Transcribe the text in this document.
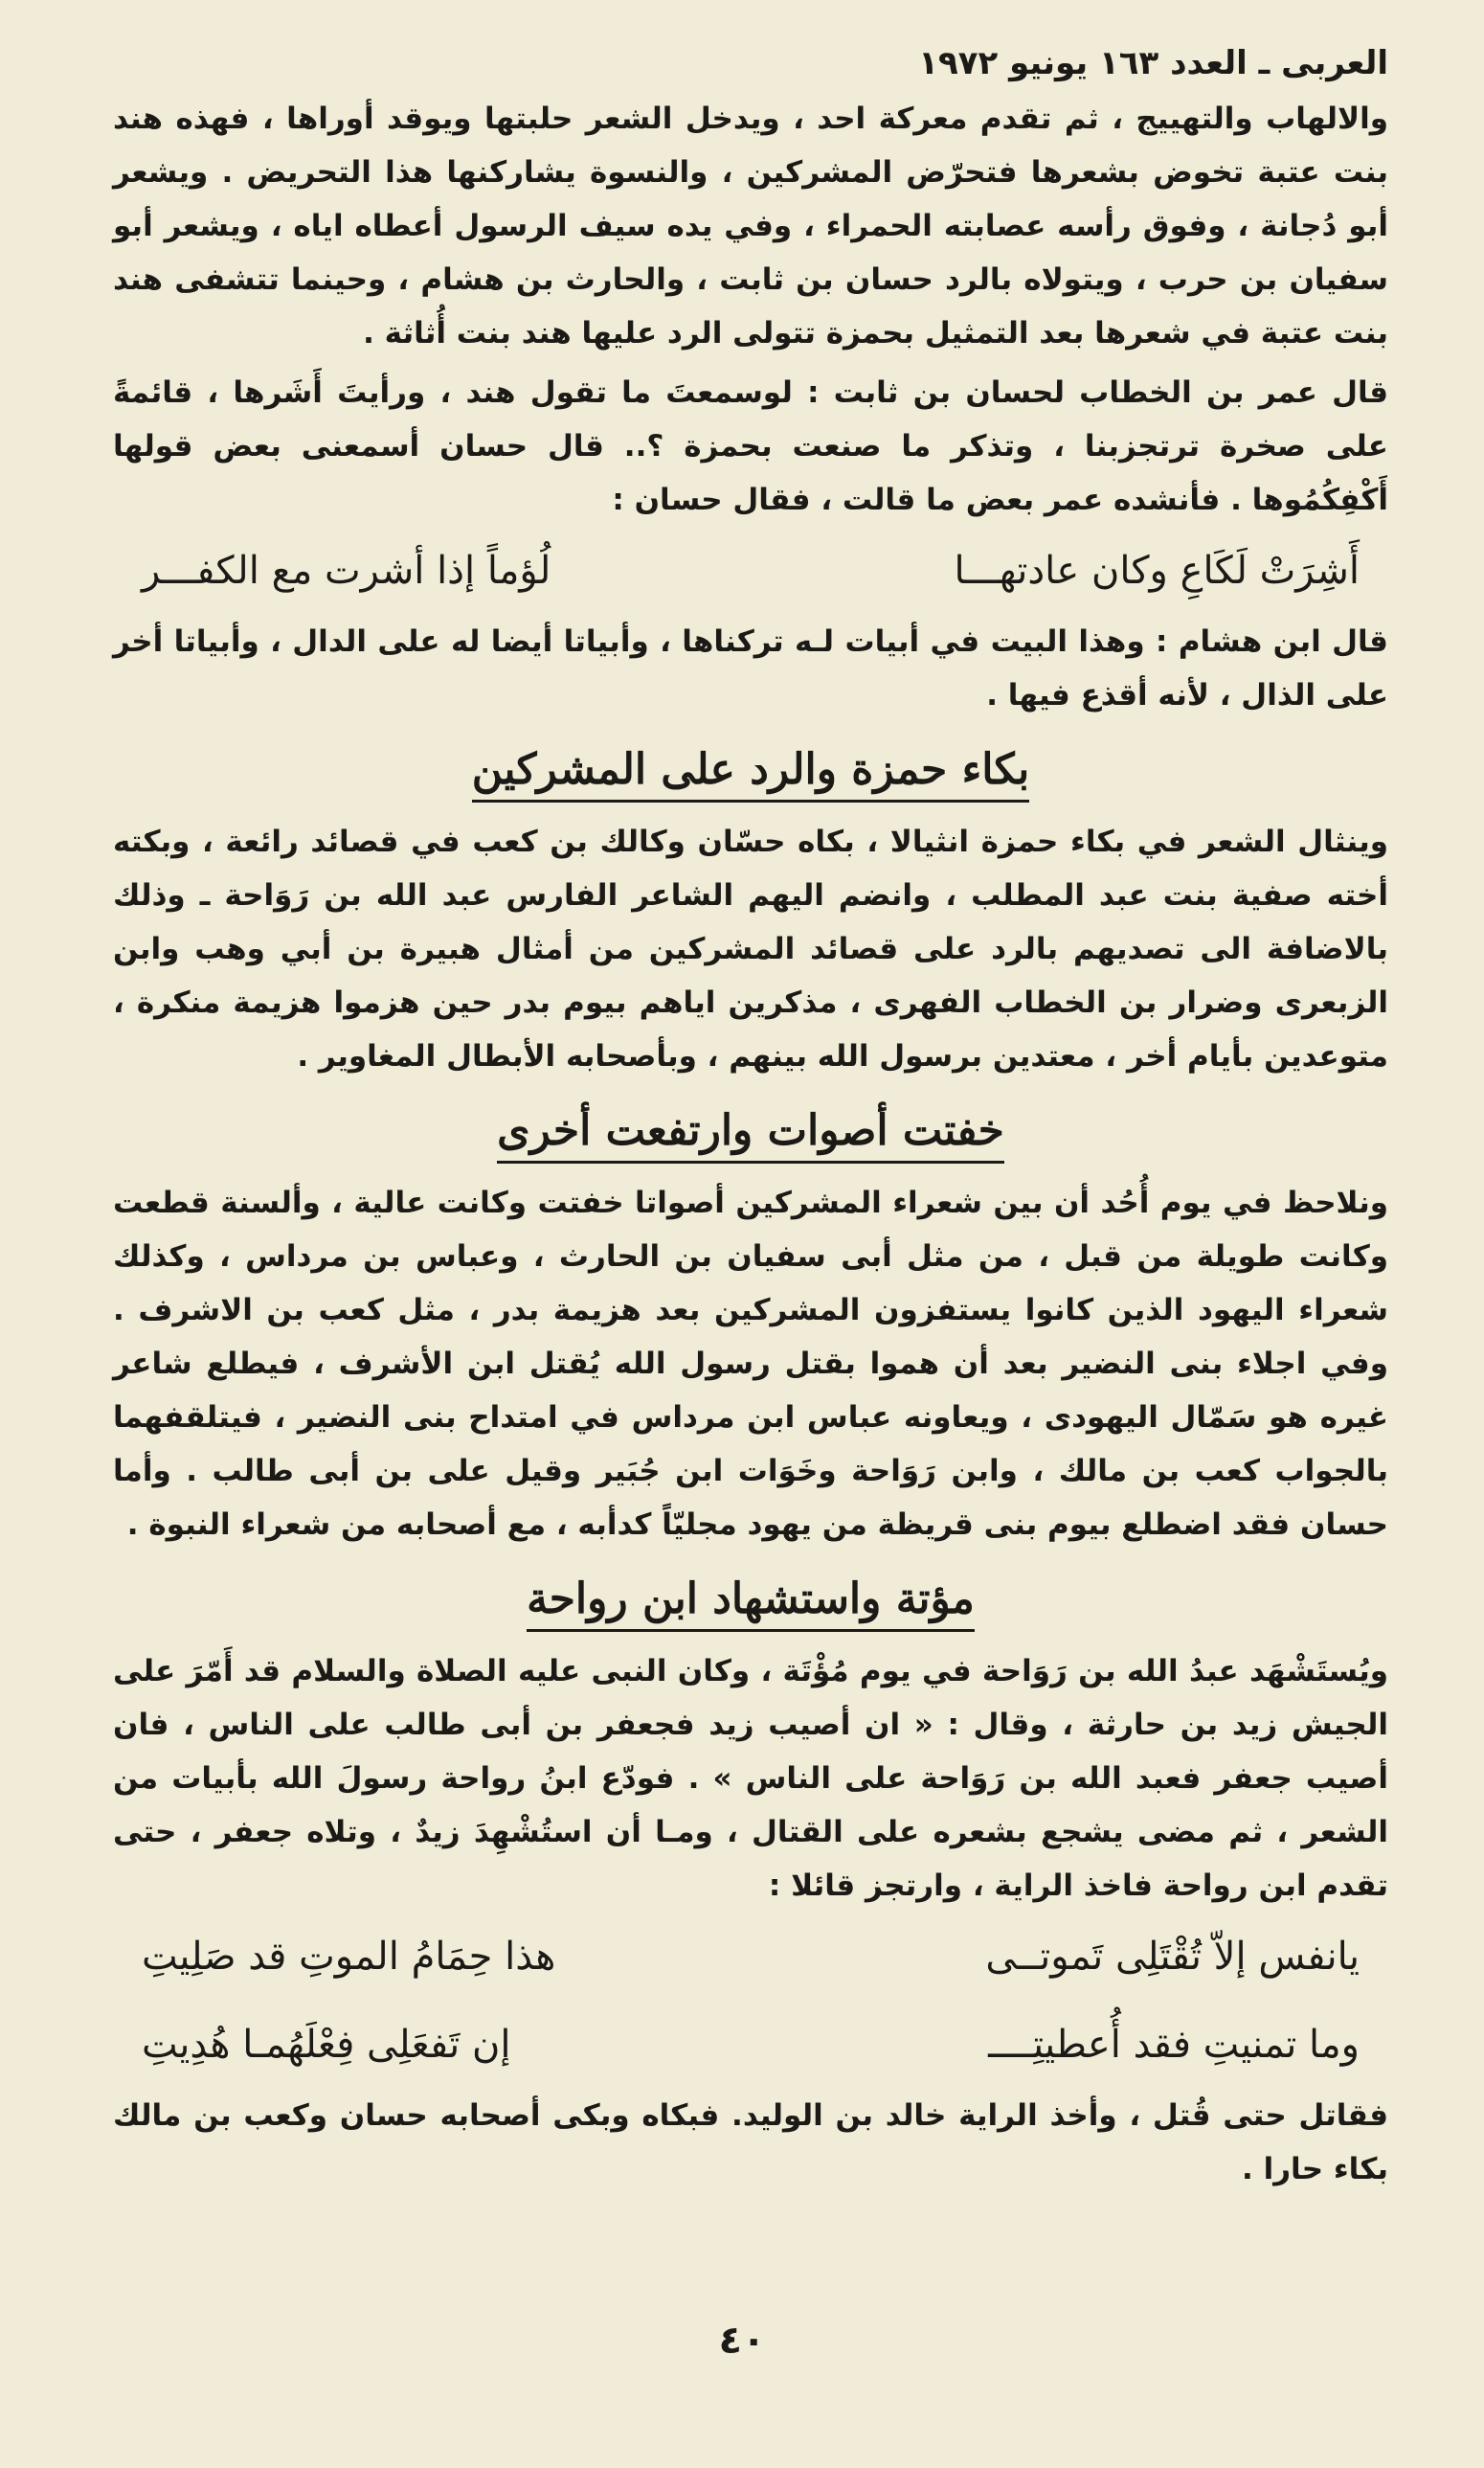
العربى ـ العدد ١٦٣ يونيو ١٩٧٢

والالهاب والتهييج ، ثم تقدم معركة احد ، ويدخل الشعر حلبتها ويوقد أوراها ، فهذه هند بنت عتبة تخوض بشعرها فتحرّض المشركين ، والنسوة يشاركنها هذا التحريض . ويشعر أبو دُجانة ، وفوق رأسه عصابته الحمراء ، وفي يده سيف الرسول أعطاه اياه ، ويشعر أبو سفيان بن حرب ، ويتولاه بالرد حسان بن ثابت ، والحارث بن هشام ، وحينما تتشفى هند بنت عتبة في شعرها بعد التمثيل بحمزة تتولى الرد عليها هند بنت أُثاثة .

قال عمر بن الخطاب لحسان بن ثابت : لوسمعتَ ما تقول هند ، ورأيتَ أَشَرها ، قائمةً على صخرة ترتجزبنا ، وتذكر ما صنعت بحمزة ؟.. قال حسان أسمعنى بعض قولها أَكْفِكُمُوها . فأنشده عمر بعض ما قالت ، فقال حسان :

أَشِرَتْ لَكَاعِ وكان عادتهـــا
لُؤماً إذا أشرت مع الكفـــر

قال ابن هشام : وهذا البيت في أبيات لـه تركناها ، وأبياتا أيضا له على الدال ، وأبياتا أخر على الذال ، لأنه أقذع فيها .

بكاء حمزة والرد على المشركين

وينثال الشعر في بكاء حمزة انثيالا ، بكاه حسّان وكالك بن كعب في قصائد رائعة ، وبكته أخته صفية بنت عبد المطلب ، وانضم اليهم الشاعر الفارس عبد الله بن رَوَاحة ـ وذلك بالاضافة الى تصديهم بالرد على قصائد المشركين من أمثال هبيرة بن أبي وهب وابن الزبعرى وضرار بن الخطاب الفهرى ، مذكرين اياهم بيوم بدر حين هزموا هزيمة منكرة ، متوعدين بأيام أخر ، معتدين برسول الله بينهم ، وبأصحابه الأبطال المغاوير .

خفتت أصوات وارتفعت أخرى

ونلاحظ في يوم أُحُد أن بين شعراء المشركين أصواتا خفتت وكانت عالية ، وألسنة قطعت وكانت طويلة من قبل ، من مثل أبى سفيان بن الحارث ، وعباس بن مرداس ، وكذلك شعراء اليهود الذين كانوا يستفزون المشركين بعد هزيمة بدر ، مثل كعب بن الاشرف . وفي اجلاء بنى النضير بعد أن هموا بقتل رسول الله يُقتل ابن الأشرف ، فيطلع شاعر غيره هو سَمّال اليهودى ، ويعاونه عباس ابن مرداس في امتداح بنى النضير ، فيتلقفهما بالجواب كعب بن مالك ، وابن رَوَاحة وخَوَات ابن جُبَير وقيل على بن أبى طالب . وأما حسان فقد اضطلع بيوم بنى قريظة من يهود مجليّاً كدأبه ، مع أصحابه من شعراء النبوة .

مؤتة واستشهاد ابن رواحة

ويُستَشْهَد عبدُ الله بن رَوَاحة في يوم مُؤْتَة ، وكان النبى عليه الصلاة والسلام قد أَمّرَ على الجيش زيد بن حارثة ، وقال : « ان أصيب زيد فجعفر بن أبى طالب على الناس ، فان أصيب جعفر فعبد الله بن رَوَاحة على الناس » . فودّع ابنُ رواحة رسولَ الله بأبيات من الشعر ، ثم مضى يشجع بشعره على القتال ، ومـا أن استُشْهِدَ زيدٌ ، وتلاه جعفر ، حتى تقدم ابن رواحة فاخذ الراية ، وارتجز قائلا :

يانفس إلاّ تُقْتَلِى تَموتــى
هذا حِمَامُ الموتِ قد صَلِيتِ
وما تمنيتِ فقد أُعطيتِــــ
إن تَفعَلِى فِعْلَهُمـا هُدِيتِ

فقاتل حتى قُتل ، وأخذ الراية خالد بن الوليد. فبكاه وبكى أصحابه حسان وكعب بن مالك بكاء حارا .

٤٠
